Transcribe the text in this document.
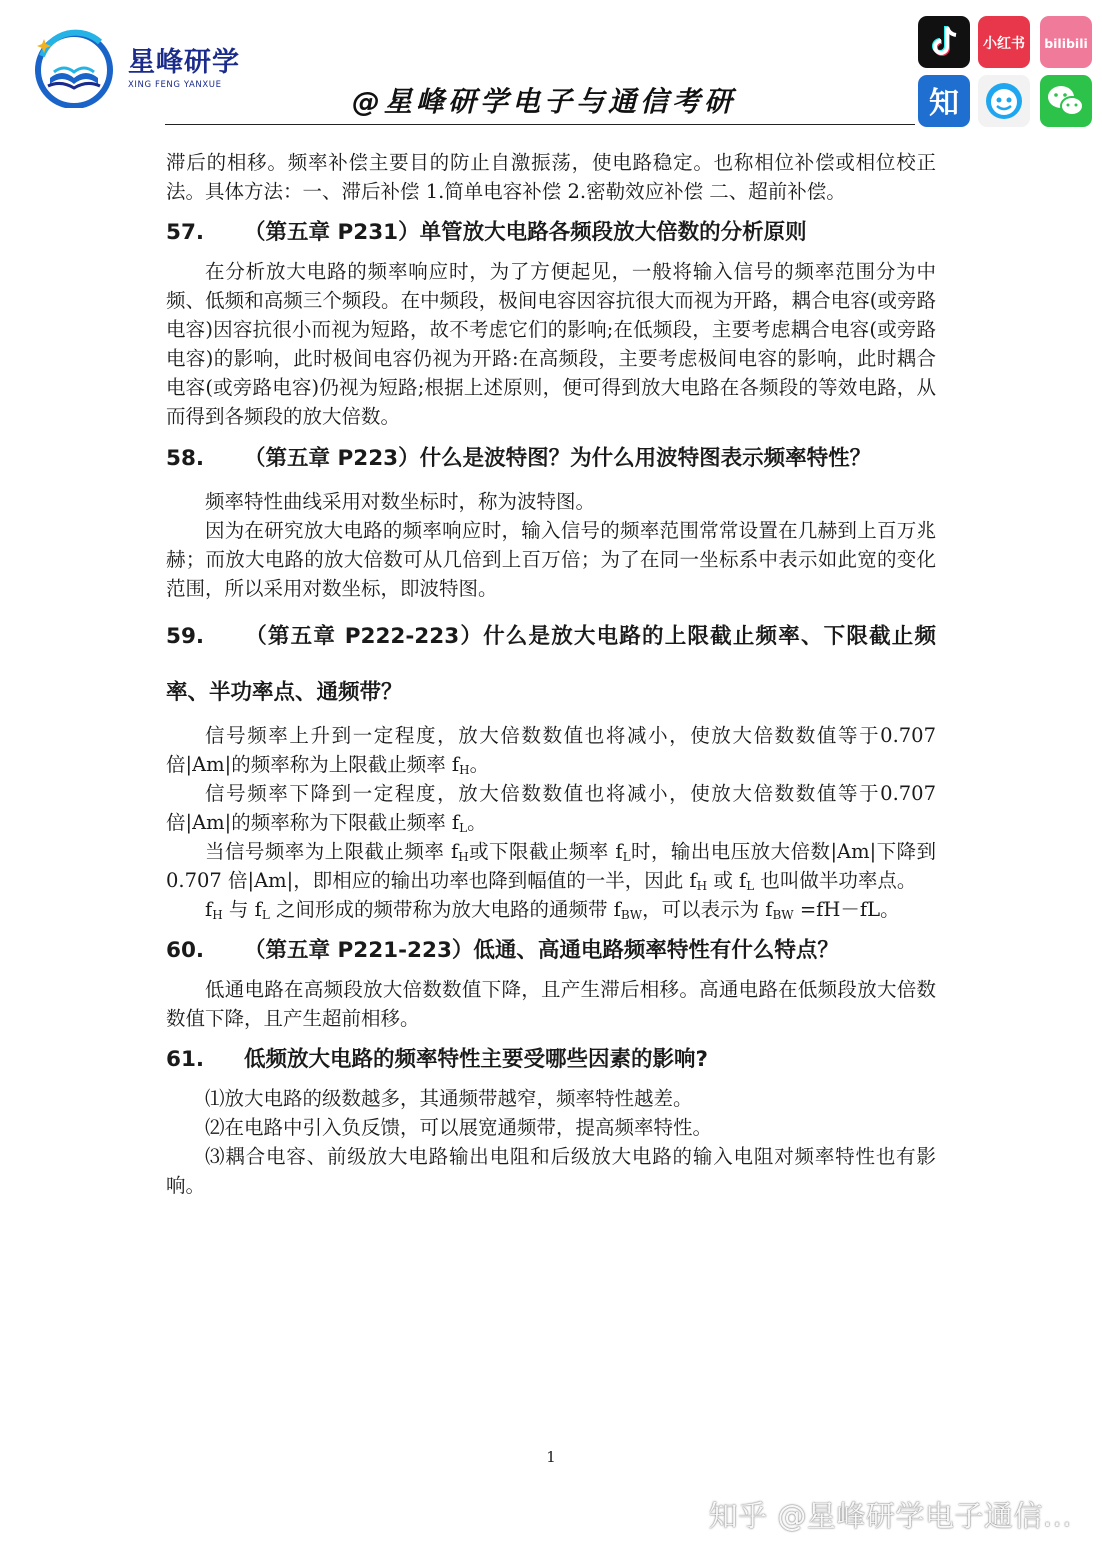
星峰研学
XING FENG YANXUE	@星峰研学电子与通信考研
小红书 bilibili
知

滞后的相移。频率补偿主要目的防止自激振荡，使电路稳定。也称相位补偿或相位校正法。具体方法：一、滞后补偿 1.简单电容补偿 2.密勒效应补偿 二、超前补偿。

57. （第五章 P231）单管放大电路各频段放大倍数的分析原则

在分析放大电路的频率响应时，为了方便起见，一般将输入信号的频率范围分为中频、低频和高频三个频段。在中频段，极间电容因容抗很大而视为开路，耦合电容(或旁路电容)因容抗很小而视为短路，故不考虑它们的影响;在低频段，主要考虑耦合电容(或旁路电容)的影响，此时极间电容仍视为开路:在高频段，主要考虑极间电容的影响，此时耦合电容(或旁路电容)仍视为短路;根据上述原则，便可得到放大电路在各频段的等效电路，从而得到各频段的放大倍数。

58. （第五章 P223）什么是波特图？为什么用波特图表示频率特性？

频率特性曲线采用对数坐标时，称为波特图。

因为在研究放大电路的频率响应时，输入信号的频率范围常常设置在几赫到上百万兆赫；而放大电路的放大倍数可从几倍到上百万倍；为了在同一坐标系中表示如此宽的变化范围，所以采用对数坐标，即波特图。

59. （第五章 P222-223）什么是放大电路的上限截止频率、下限截止频率、半功率点、通频带？

信号频率上升到一定程度，放大倍数数值也将减小，使放大倍数数值等于0.707 倍|Am|的频率称为上限截止频率 $f_H$。

信号频率下降到一定程度，放大倍数数值也将减小，使放大倍数数值等于0.707 倍|Am|的频率称为下限截止频率 $f_L$。

当信号频率为上限截止频率 $f_H$或下限截止频率 $f_L$时，输出电压放大倍数|Am|下降到 0.707 倍|Am|，即相应的输出功率也降到幅值的一半，因此 $f_H$ 或 $f_L$ 也叫做半功率点。

$f_H$ 与 $f_L$ 之间形成的频带称为放大电路的通频带 $f_{BW}$，可以表示为 $f_{BW} =fH-fL$。

60. （第五章 P221-223）低通、高通电路频率特性有什么特点？

低通电路在高频段放大倍数数值下降，且产生滞后相移。高通电路在低频段放大倍数数值下降，且产生超前相移。

61. 低频放大电路的频率特性主要受哪些因素的影响?

⑴放大电路的级数越多，其通频带越窄，频率特性越差。

⑵在电路中引入负反馈，可以展宽通频带，提高频率特性。

⑶耦合电容、前级放大电路输出电阻和后级放大电路的输入电阻对频率特性也有影响。

1
知乎 @星峰研学电子通信...
